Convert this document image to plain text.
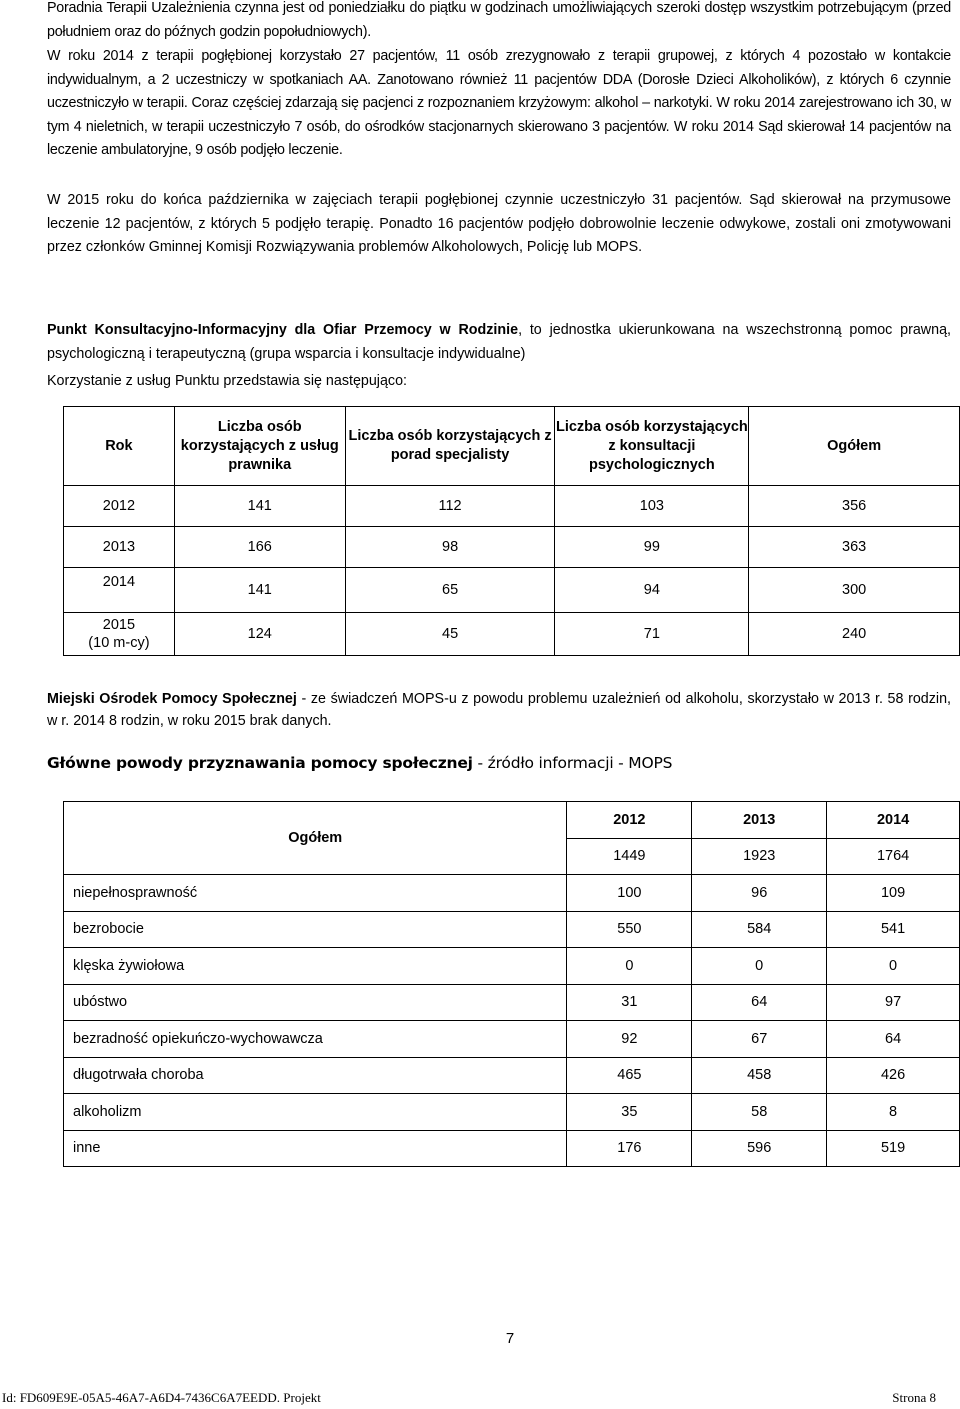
Poradnia Terapii Uzależnienia czynna jest od poniedziałku do piątku w godzinach umożliwiających szeroki dostęp wszystkim potrzebującym (przed południem oraz do późnych godzin popołudniowych).

W roku 2014 z terapii pogłębionej korzystało 27 pacjentów, 11 osób zrezygnowało z terapii grupowej, z których 4 pozostało w kontakcie indywidualnym, a 2 uczestniczy w spotkaniach AA. Zanotowano również 11 pacjentów DDA (Dorosłe Dzieci Alkoholików), z których 6 czynnie uczestniczyło w terapii. Coraz częściej zdarzają się pacjenci z rozpoznaniem krzyżowym: alkohol – narkotyki. W roku 2014 zarejestrowano ich 30, w tym 4 nieletnich, w terapii uczestniczyło 7 osób, do ośrodków stacjonarnych skierowano 3 pacjentów. W roku 2014 Sąd skierował 14 pacjentów na leczenie ambulatoryjne, 9 osób podjęło leczenie.

W 2015 roku do końca października w zajęciach terapii pogłębionej czynnie uczestniczyło 31 pacjentów. Sąd skierował na przymusowe leczenie 12 pacjentów, z których 5 podjęło terapię. Ponadto 16 pacjentów podjęło dobrowolnie leczenie odwykowe, zostali oni zmotywowani przez członków Gminnej Komisji Rozwiązywania problemów Alkoholowych, Policję lub MOPS.

Punkt Konsultacyjno-Informacyjny dla Ofiar Przemocy w Rodzinie, to jednostka ukierunkowana na wszechstronną pomoc prawną, psychologiczną i terapeutyczną (grupa wsparcia i konsultacje indywidualne)

Korzystanie z usług Punktu przedstawia się następująco:

Rok	Liczba osób korzystających z usług prawnika	Liczba osób korzystających z porad specjalisty	Liczba osób korzystających z konsultacji psychologicznych	Ogółem
2012	141	112	103	356
2013	166	98	99	363
2014	141	65	94	300
2015
(10 m-cy)	124	45	71	240

Miejski Ośrodek Pomocy Społecznej - ze świadczeń MOPS-u z powodu problemu uzależnień od alkoholu, skorzystało w 2013 r. 58 rodzin, w r. 2014 8 rodzin, w roku 2015 brak danych.

Główne powody przyznawania pomocy społecznej - źródło informacji - MOPS
Ogółem	2012	2013	2014
	1449	1923	1764
niepełnosprawność	100	96	109
bezrobocie	550	584	541
klęska żywiołowa	0	0	0
ubóstwo	31	64	97
bezradność opiekuńczo-wychowawcza	92	67	64
długotrwała choroba	465	458	426
alkoholizm	35	58	8
inne	176	596	519
7
Id: FD609E9E-05A5-46A7-A6D4-7436C6A7EEDD. Projekt	Strona 8
